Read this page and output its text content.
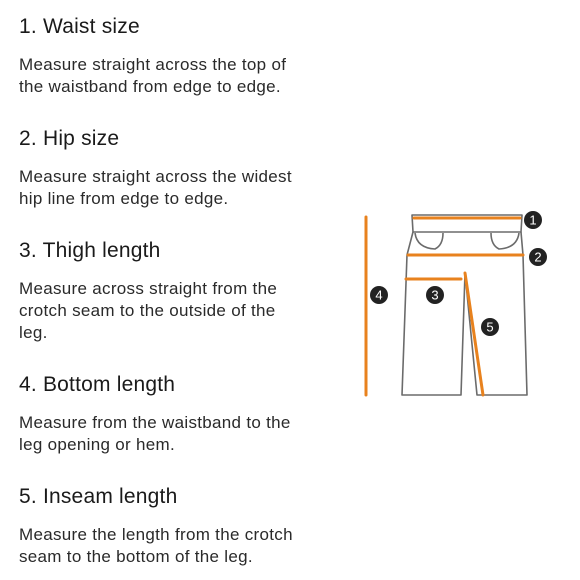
1. Waist size

Measure straight across the top of
the waistband from edge to edge.

2. Hip size

Measure straight across the widest
hip line from edge to edge.

3. Thigh length

Measure across straight from the
crotch seam to the outside of the
leg.

4. Bottom length

Measure from the waistband to the
leg opening or hem.

5. Inseam length

Measure the length from the crotch
seam to the bottom of the leg.

1
2
3
4
5
